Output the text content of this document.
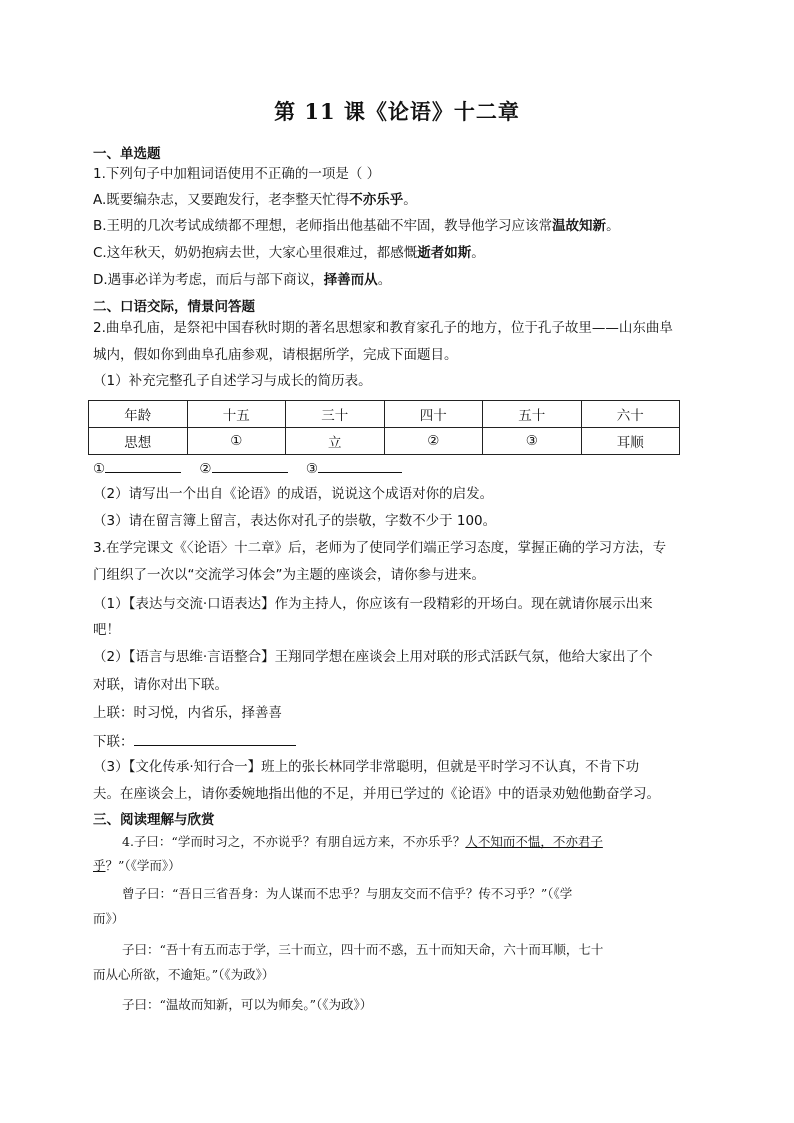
第 11 课《论语》十二章
一、单选题
1.下列句子中加粗词语使用不正确的一项是（ ）
A.既要编杂志，又要跑发行，老李整天忙得不亦乐乎。
B.王明的几次考试成绩都不理想，老师指出他基础不牢固，教导他学习应该常温故知新。
C.这年秋天，奶奶抱病去世，大家心里很难过，都感慨逝者如斯。
D.遇事必详为考虑，而后与部下商议，择善而从。
二、口语交际，情景问答题
2.曲阜孔庙，是祭祀中国春秋时期的著名思想家和教育家孔子的地方，位于孔子故里——山东曲阜
城内，假如你到曲阜孔庙参观，请根据所学，完成下面题目。
（1）补充完整孔子自述学习与成长的简历表。
年龄	十五	三十	四十	五十	六十
思想	①	立	②	③	耳顺
①	②	③
（2）请写出一个出自《论语》的成语，说说这个成语对你的启发。
（3）请在留言簿上留言，表达你对孔子的崇敬，字数不少于 100。
3.在学完课文《〈论语〉十二章》后，老师为了使同学们端正学习态度，掌握正确的学习方法，专
门组织了一次以“交流学习体会”为主题的座谈会，请你参与进来。
（1）【表达与交流·口语表达】作为主持人，你应该有一段精彩的开场白。现在就请你展示出来
吧！
（2）【语言与思维·言语整合】王翔同学想在座谈会上用对联的形式活跃气氛，他给大家出了个
对联，请你对出下联。
上联：时习悦，内省乐，择善喜
下联：
（3）【文化传承·知行合一】班上的张长林同学非常聪明，但就是平时学习不认真，不肯下功
夫。在座谈会上，请你委婉地指出他的不足，并用已学过的《论语》中的语录劝勉他勤奋学习。
三、阅读理解与欣赏
4.子曰：“学而时习之，不亦说乎？有朋自远方来，不亦乐乎？人不知而不愠，不亦君子
乎？”（《学而》）
曾子曰：“吾日三省吾身：为人谋而不忠乎？与朋友交而不信乎？传不习乎？”（《学
而》）
子曰：“吾十有五而志于学，三十而立，四十而不惑，五十而知天命，六十而耳顺，七十
而从心所欲，不逾矩。”（《为政》）
子曰：“温故而知新，可以为师矣。”（《为政》）
